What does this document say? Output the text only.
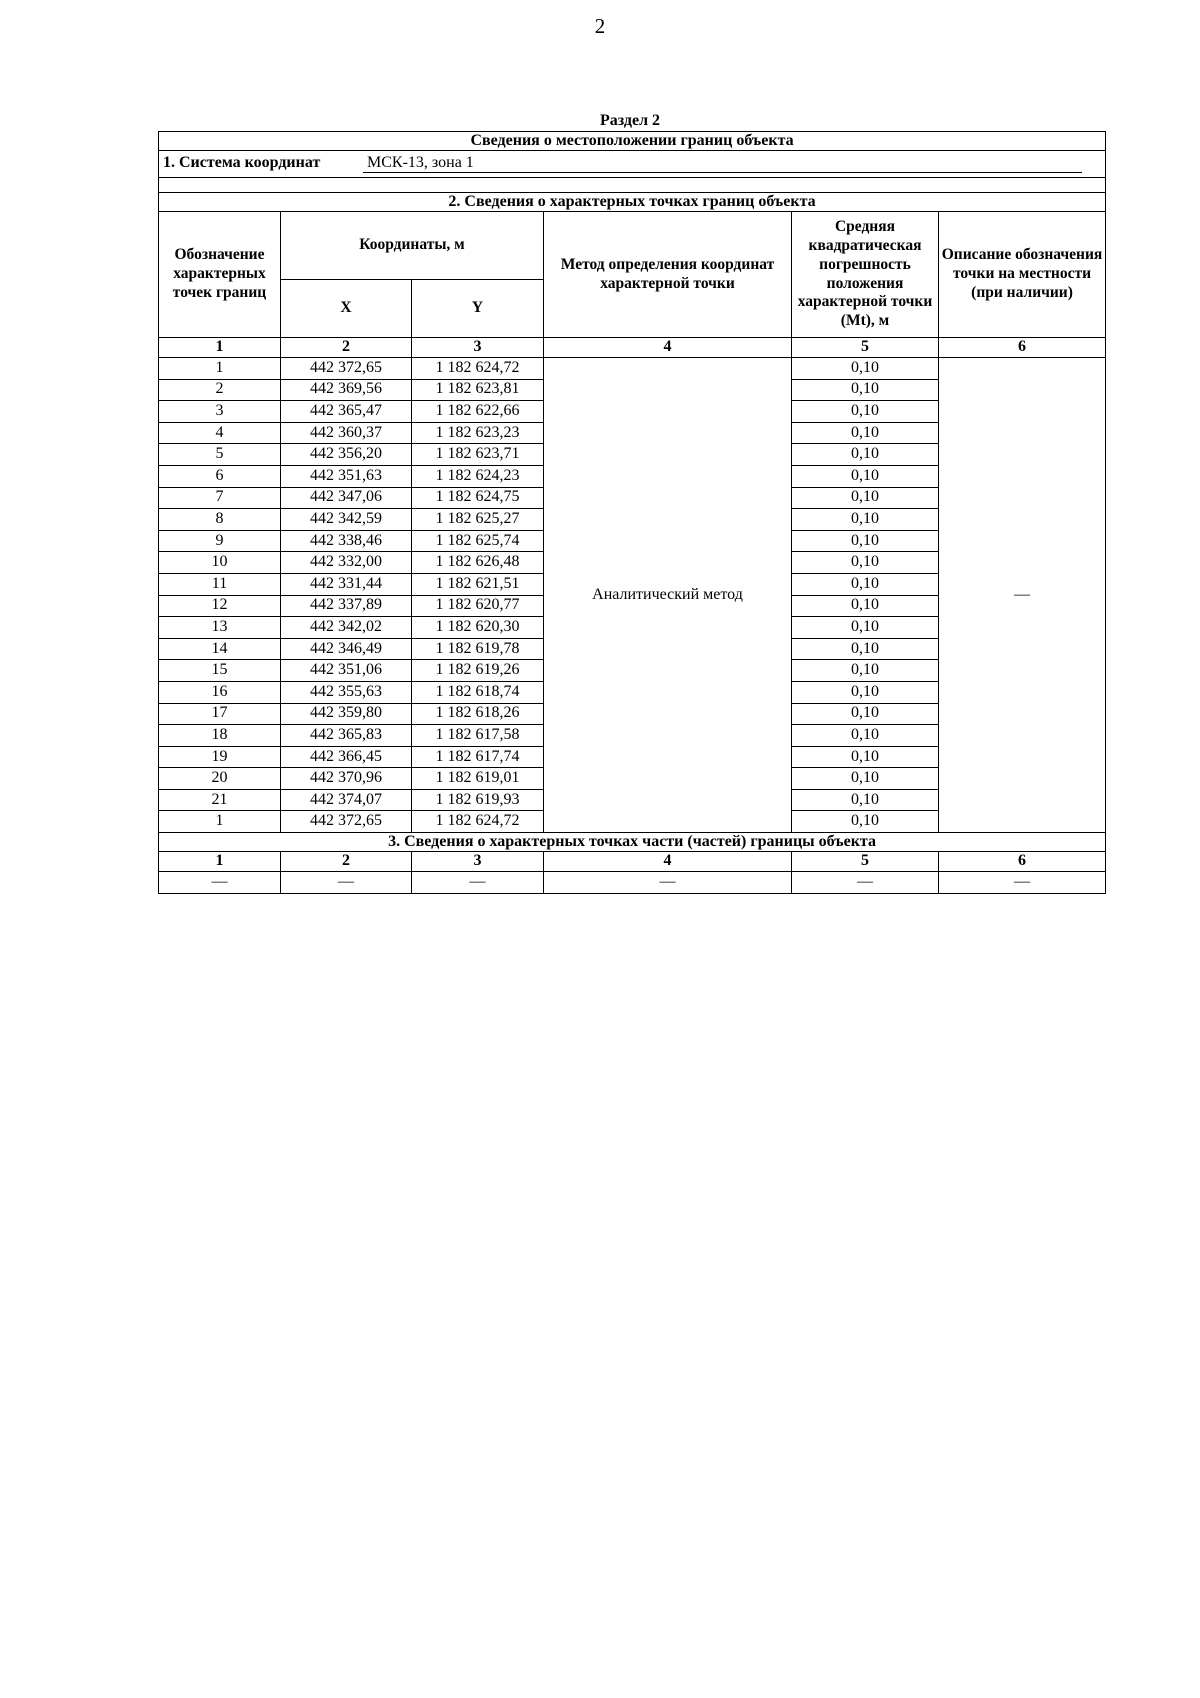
2
Раздел 2
Сведения о местоположении границ объекта					
1. Система координат МСК-13, зона 1					

2. Сведения о характерных точках границ объекта					
Обозначение характерных точек границ	Координаты, м		Метод определения координат характерной точки	Средняя квадратическая погрешность положения характерной точки (Mt), м	Описание обозначения точки на местности (при наличии)
	X	Y			
1	2	3	4	5	6
1	442 372,65	1 182 624,72	Аналитический метод	0,10	—
2	442 369,56	1 182 623,81		0,10	
3	442 365,47	1 182 622,66		0,10	
4	442 360,37	1 182 623,23		0,10	
5	442 356,20	1 182 623,71		0,10	
6	442 351,63	1 182 624,23		0,10	
7	442 347,06	1 182 624,75		0,10	
8	442 342,59	1 182 625,27		0,10	
9	442 338,46	1 182 625,74		0,10	
10	442 332,00	1 182 626,48		0,10	
11	442 331,44	1 182 621,51		0,10	
12	442 337,89	1 182 620,77		0,10	
13	442 342,02	1 182 620,30		0,10	
14	442 346,49	1 182 619,78		0,10	
15	442 351,06	1 182 619,26		0,10	
16	442 355,63	1 182 618,74		0,10	
17	442 359,80	1 182 618,26		0,10	
18	442 365,83	1 182 617,58		0,10	
19	442 366,45	1 182 617,74		0,10	
20	442 370,96	1 182 619,01		0,10	
21	442 374,07	1 182 619,93		0,10	
1	442 372,65	1 182 624,72		0,10	
3. Сведения о характерных точках части (частей) границы объекта					
1	2	3	4	5	6
—	—	—	—	—	—
